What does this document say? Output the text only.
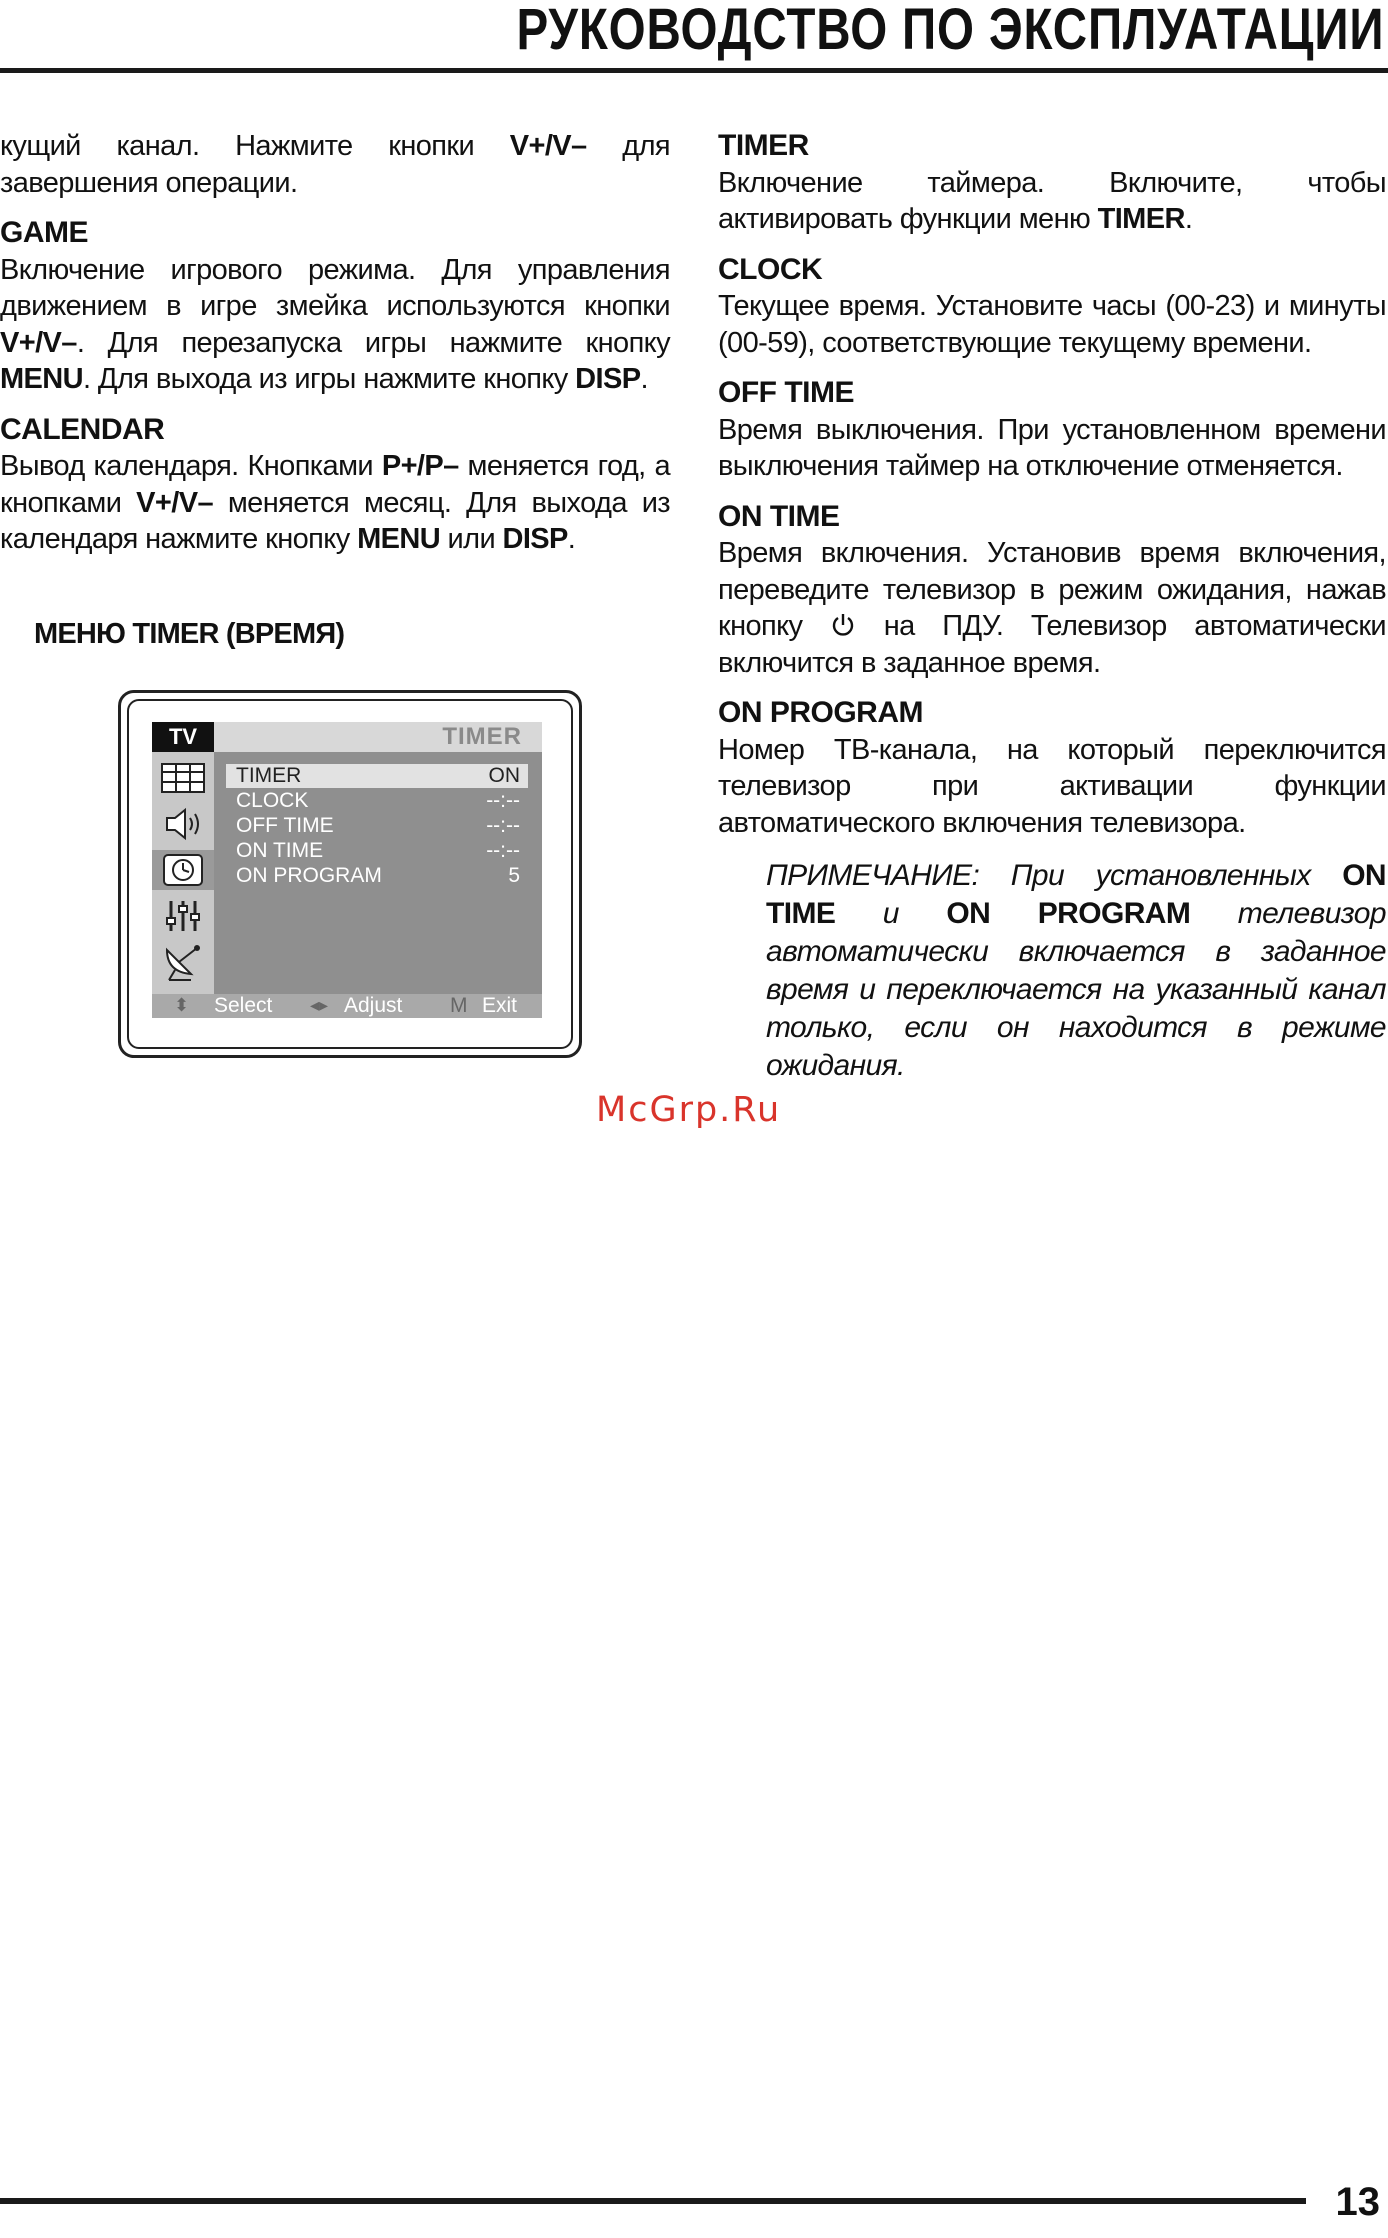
РУКОВОДСТВО ПО ЭКСПЛУАТАЦИИ
кущий канал. Нажмите кнопки V+/V– для завершения операции.
GAME
Включение игрового режима. Для управления движением в игре змейка используются кнопки V+/V–. Для перезапуска игры нажмите кнопку MENU. Для выхода из игры нажмите кнопку DISP.
CALENDAR
Вывод календаря. Кнопками P+/P– меняется год, а кнопками V+/V– меняется месяц. Для выхода из календаря нажмите кнопку MENU или DISP.
МЕНЮ TIMER (ВРЕМЯ)
TV	TIMER
TIMER	ON
CLOCK	--:--
OFF TIME	--:--
ON TIME	--:--
ON PROGRAM	5
⬍ Select ◂▸ Adjust M Exit
TIMER
Включение таймера. Включите, чтобы активировать функции меню TIMER.
CLOCK
Текущее время. Установите часы (00-23) и минуты (00-59), соответствующие текущему времени.
OFF TIME
Время выключения. При установленном времени выключения таймер на отключение отменяется.
ON TIME
Время включения. Установив время включения, переведите телевизор в режим ожидания, нажав кнопку  на ПДУ. Телевизор автоматически включится в заданное время.
ON PROGRAM
Номер ТВ-канала, на который переключится телевизор при активации функции автоматического включения телевизора.
ПРИМЕЧАНИЕ: При установленных ON TIME и ON PROGRAM телевизор автоматически включается в заданное время и переключается на указанный канал только, если он находится в режиме ожидания.
McGrp.Ru
13
